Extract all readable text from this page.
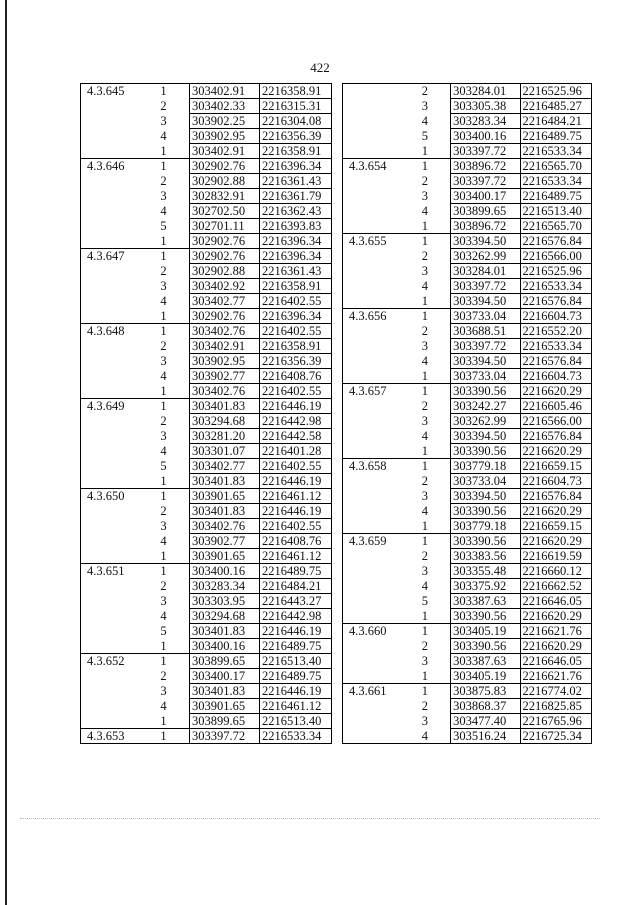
422
4.3.645	1	303402.91	2216358.91
	2	303402.33	2216315.31
	3	303902.25	2216304.08
	4	303902.95	2216356.39
	1	303402.91	2216358.91
4.3.646	1	302902.76	2216396.34
	2	302902.88	2216361.43
	3	302832.91	2216361.79
	4	302702.50	2216362.43
	5	302701.11	2216393.83
	1	302902.76	2216396.34
4.3.647	1	302902.76	2216396.34
	2	302902.88	2216361.43
	3	303402.92	2216358.91
	4	303402.77	2216402.55
	1	302902.76	2216396.34
4.3.648	1	303402.76	2216402.55
	2	303402.91	2216358.91
	3	303902.95	2216356.39
	4	303902.77	2216408.76
	1	303402.76	2216402.55
4.3.649	1	303401.83	2216446.19
	2	303294.68	2216442.98
	3	303281.20	2216442.58
	4	303301.07	2216401.28
	5	303402.77	2216402.55
	1	303401.83	2216446.19
4.3.650	1	303901.65	2216461.12
	2	303401.83	2216446.19
	3	303402.76	2216402.55
	4	303902.77	2216408.76
	1	303901.65	2216461.12
4.3.651	1	303400.16	2216489.75
	2	303283.34	2216484.21
	3	303303.95	2216443.27
	4	303294.68	2216442.98
	5	303401.83	2216446.19
	1	303400.16	2216489.75
4.3.652	1	303899.65	2216513.40
	2	303400.17	2216489.75
	3	303401.83	2216446.19
	4	303901.65	2216461.12
	1	303899.65	2216513.40
4.3.653	1	303397.72	2216533.34
	2	303284.01	2216525.96
	3	303305.38	2216485.27
	4	303283.34	2216484.21
	5	303400.16	2216489.75
	1	303397.72	2216533.34
4.3.654	1	303896.72	2216565.70
	2	303397.72	2216533.34
	3	303400.17	2216489.75
	4	303899.65	2216513.40
	1	303896.72	2216565.70
4.3.655	1	303394.50	2216576.84
	2	303262.99	2216566.00
	3	303284.01	2216525.96
	4	303397.72	2216533.34
	1	303394.50	2216576.84
4.3.656	1	303733.04	2216604.73
	2	303688.51	2216552.20
	3	303397.72	2216533.34
	4	303394.50	2216576.84
	1	303733.04	2216604.73
4.3.657	1	303390.56	2216620.29
	2	303242.27	2216605.46
	3	303262.99	2216566.00
	4	303394.50	2216576.84
	1	303390.56	2216620.29
4.3.658	1	303779.18	2216659.15
	2	303733.04	2216604.73
	3	303394.50	2216576.84
	4	303390.56	2216620.29
	1	303779.18	2216659.15
4.3.659	1	303390.56	2216620.29
	2	303383.56	2216619.59
	3	303355.48	2216660.12
	4	303375.92	2216662.52
	5	303387.63	2216646.05
	1	303390.56	2216620.29
4.3.660	1	303405.19	2216621.76
	2	303390.56	2216620.29
	3	303387.63	2216646.05
	1	303405.19	2216621.76
4.3.661	1	303875.83	2216774.02
	2	303868.37	2216825.85
	3	303477.40	2216765.96
	4	303516.24	2216725.34
